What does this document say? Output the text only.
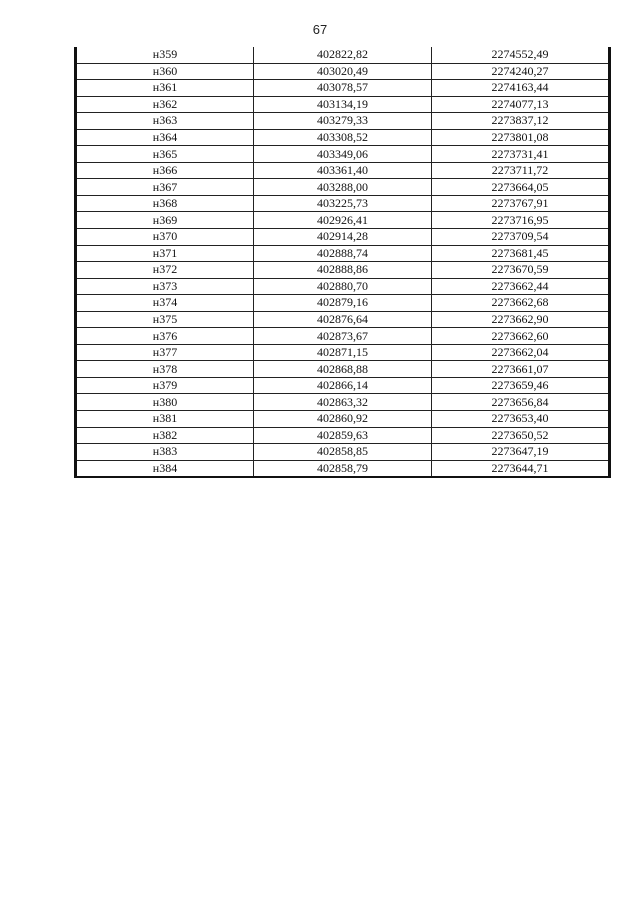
67
н359	402822,82	2274552,49
н360	403020,49	2274240,27
н361	403078,57	2274163,44
н362	403134,19	2274077,13
н363	403279,33	2273837,12
н364	403308,52	2273801,08
н365	403349,06	2273731,41
н366	403361,40	2273711,72
н367	403288,00	2273664,05
н368	403225,73	2273767,91
н369	402926,41	2273716,95
н370	402914,28	2273709,54
н371	402888,74	2273681,45
н372	402888,86	2273670,59
н373	402880,70	2273662,44
н374	402879,16	2273662,68
н375	402876,64	2273662,90
н376	402873,67	2273662,60
н377	402871,15	2273662,04
н378	402868,88	2273661,07
н379	402866,14	2273659,46
н380	402863,32	2273656,84
н381	402860,92	2273653,40
н382	402859,63	2273650,52
н383	402858,85	2273647,19
н384	402858,79	2273644,71
